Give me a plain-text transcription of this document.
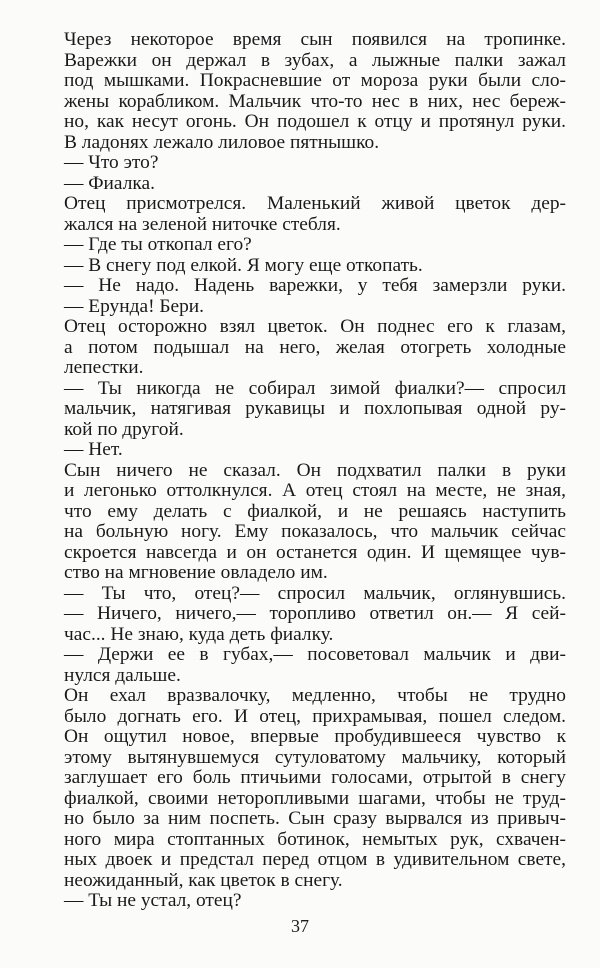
Через некоторое время сын появился на тропинке.
Варежки он держал в зубах, а лыжные палки зажал
под мышками. Покрасневшие от мороза руки были сло-
жены корабликом. Мальчик что-то нес в них, нес береж-
но, как несут огонь. Он подошел к отцу и протянул руки.
В ладонях лежало лиловое пятнышко.
— Что это?
— Фиалка.
Отец присмотрелся. Маленький живой цветок дер-
жался на зеленой ниточке стебля.
— Где ты откопал его?
— В снегу под елкой. Я могу еще откопать.
— Не надо. Надень варежки, у тебя замерзли руки.
— Ерунда! Бери.
Отец осторожно взял цветок. Он поднес его к глазам,
а потом подышал на него, желая отогреть холодные
лепестки.
— Ты никогда не собирал зимой фиалки?— спросил
мальчик, натягивая рукавицы и похлопывая одной ру-
кой по другой.
— Нет.
Сын ничего не сказал. Он подхватил палки в руки
и легонько оттолкнулся. А отец стоял на месте, не зная,
что ему делать с фиалкой, и не решаясь наступить
на больную ногу. Ему показалось, что мальчик сейчас
скроется навсегда и он останется один. И щемящее чув-
ство на мгновение овладело им.
— Ты что, отец?— спросил мальчик, оглянувшись.
— Ничего, ничего,— торопливо ответил он.— Я сей-
час... Не знаю, куда деть фиалку.
— Держи ее в губах,— посоветовал мальчик и дви-
нулся дальше.
Он ехал вразвалочку, медленно, чтобы не трудно
было догнать его. И отец, прихрамывая, пошел следом.
Он ощутил новое, впервые пробудившееся чувство к
этому вытянувшемуся сутуловатому мальчику, который
заглушает его боль птичьими голосами, отрытой в снегу
фиалкой, своими неторопливыми шагами, чтобы не труд-
но было за ним поспеть. Сын сразу вырвался из привыч-
ного мира стоптанных ботинок, немытых рук, схвачен-
ных двоек и предстал перед отцом в удивительном свете,
неожиданный, как цветок в снегу.
— Ты не устал, отец?
37
